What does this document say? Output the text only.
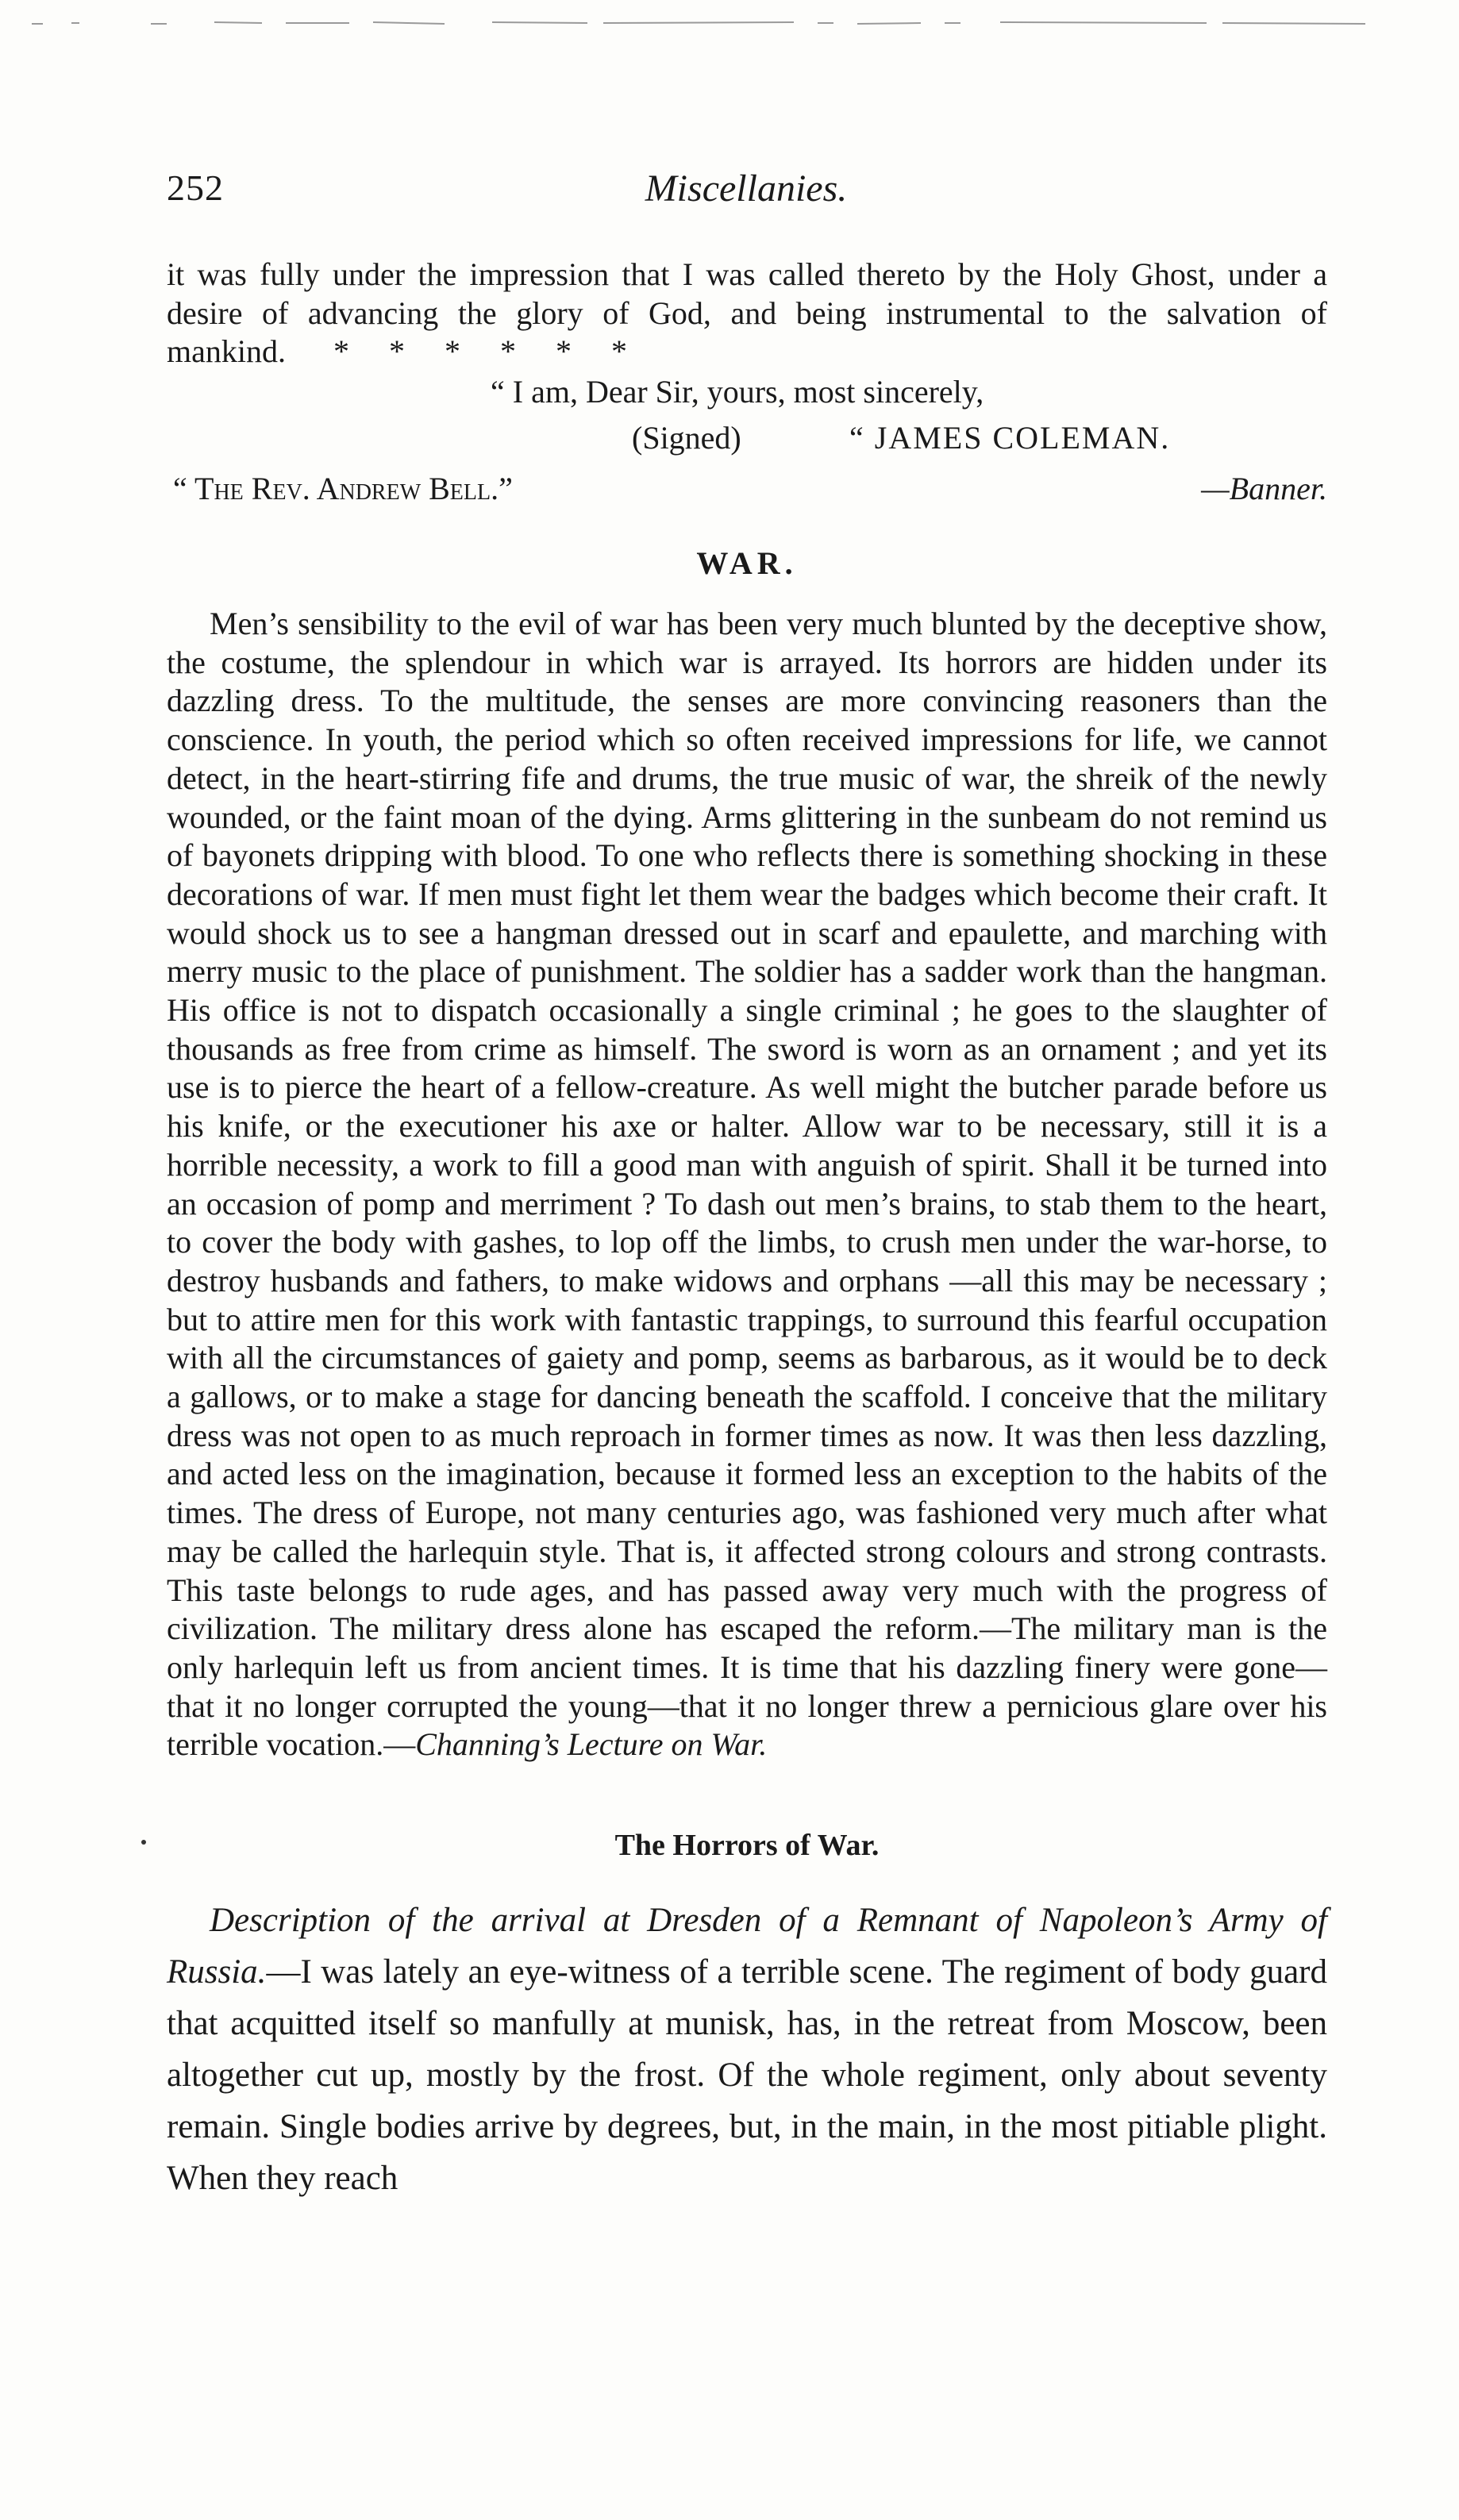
252	Miscellanies.

it was fully under the impression that I was called thereto by the Holy Ghost, under a desire of advancing the glory of God, and being instrumental to the salvation of mankind. *     *     *     *     *     *

“ I am, Dear Sir, yours, most sincerely,
(Signed)	“ JAMES COLEMAN.
“ The Rev. Andrew Bell.”	—Banner.
WAR.

Men’s sensibility to the evil of war has been very much blunted by the deceptive show, the costume, the splendour in which war is arrayed. Its horrors are hidden under its dazzling dress. To the multitude, the senses are more convincing reasoners than the conscience. In youth, the period which so often received impressions for life, we cannot detect, in the heart-stirring fife and drums, the true music of war, the shreik of the newly wounded, or the faint moan of the dying. Arms glittering in the sunbeam do not remind us of bayonets dripping with blood. To one who reflects there is something shocking in these decorations of war. If men must fight let them wear the badges which become their craft. It would shock us to see a hangman dressed out in scarf and epaulette, and marching with merry music to the place of punishment. The soldier has a sadder work than the hangman. His office is not to dispatch occasionally a single criminal ; he goes to the slaughter of thousands as free from crime as himself. The sword is worn as an ornament ; and yet its use is to pierce the heart of a fellow-creature. As well might the butcher parade before us his knife, or the executioner his axe or halter. Allow war to be necessary, still it is a horrible necessity, a work to fill a good man with anguish of spirit. Shall it be turned into an occasion of pomp and merriment ? To dash out men’s brains, to stab them to the heart, to cover the body with gashes, to lop off the limbs, to crush men under the war-horse, to destroy husbands and fathers, to make widows and orphans —all this may be necessary ; but to attire men for this work with fantastic trappings, to surround this fearful occupation with all the circumstances of gaiety and pomp, seems as barbarous, as it would be to deck a gallows, or to make a stage for dancing beneath the scaffold. I conceive that the military dress was not open to as much reproach in former times as now. It was then less dazzling, and acted less on the imagination, because it formed less an exception to the habits of the times. The dress of Europe, not many centuries ago, was fashioned very much after what may be called the harlequin style. That is, it affected strong colours and strong contrasts. This taste belongs to rude ages, and has passed away very much with the progress of civilization. The military dress alone has escaped the reform.—The military man is the only harlequin left us from ancient times. It is time that his dazzling finery were gone—that it no longer corrupted the young—that it no longer threw a pernicious glare over his terrible vocation.—Channing’s Lecture on War.

The Horrors of War.

Description of the arrival at Dresden of a Remnant of Napoleon’s Army of Russia.—I was lately an eye-witness of a terrible scene. The regiment of body guard that acquitted itself so manfully at munisk, has, in the retreat from Moscow, been altogether cut up, mostly by the frost. Of the whole regiment, only about seventy remain. Single bodies arrive by degrees, but, in the main, in the most pitiable plight. When they reach
